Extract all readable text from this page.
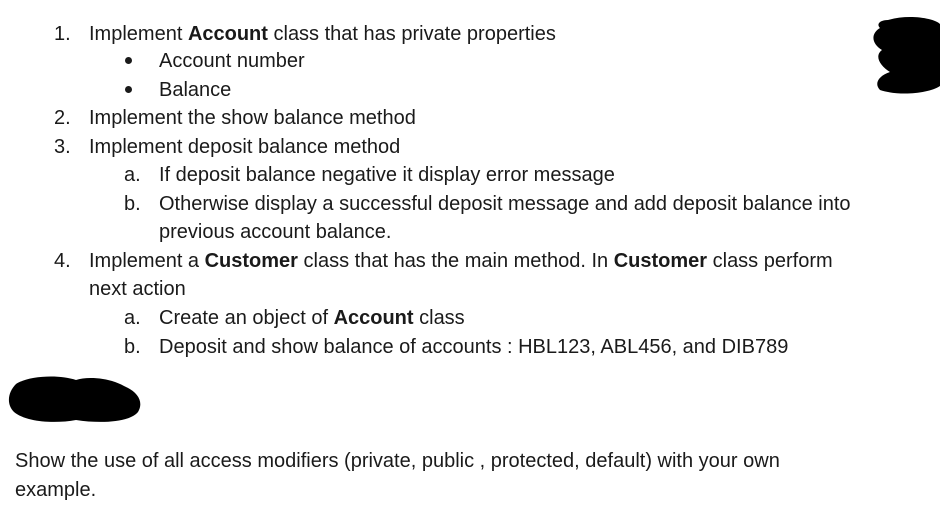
1. Implement Account class that has private properties
Account number
Balance
2. Implement the show balance method
3. Implement deposit balance method
a. If deposit balance negative it display error message
b. Otherwise display a successful deposit message and add deposit balance into
previous account balance.
4. Implement a Customer class that has the main method. In Customer class perform
next action
a. Create an object of Account class
b. Deposit and show balance of accounts : HBL123, ABL456, and DIB789
Show the use of all access modifiers (private, public , protected, default) with your own
example.
